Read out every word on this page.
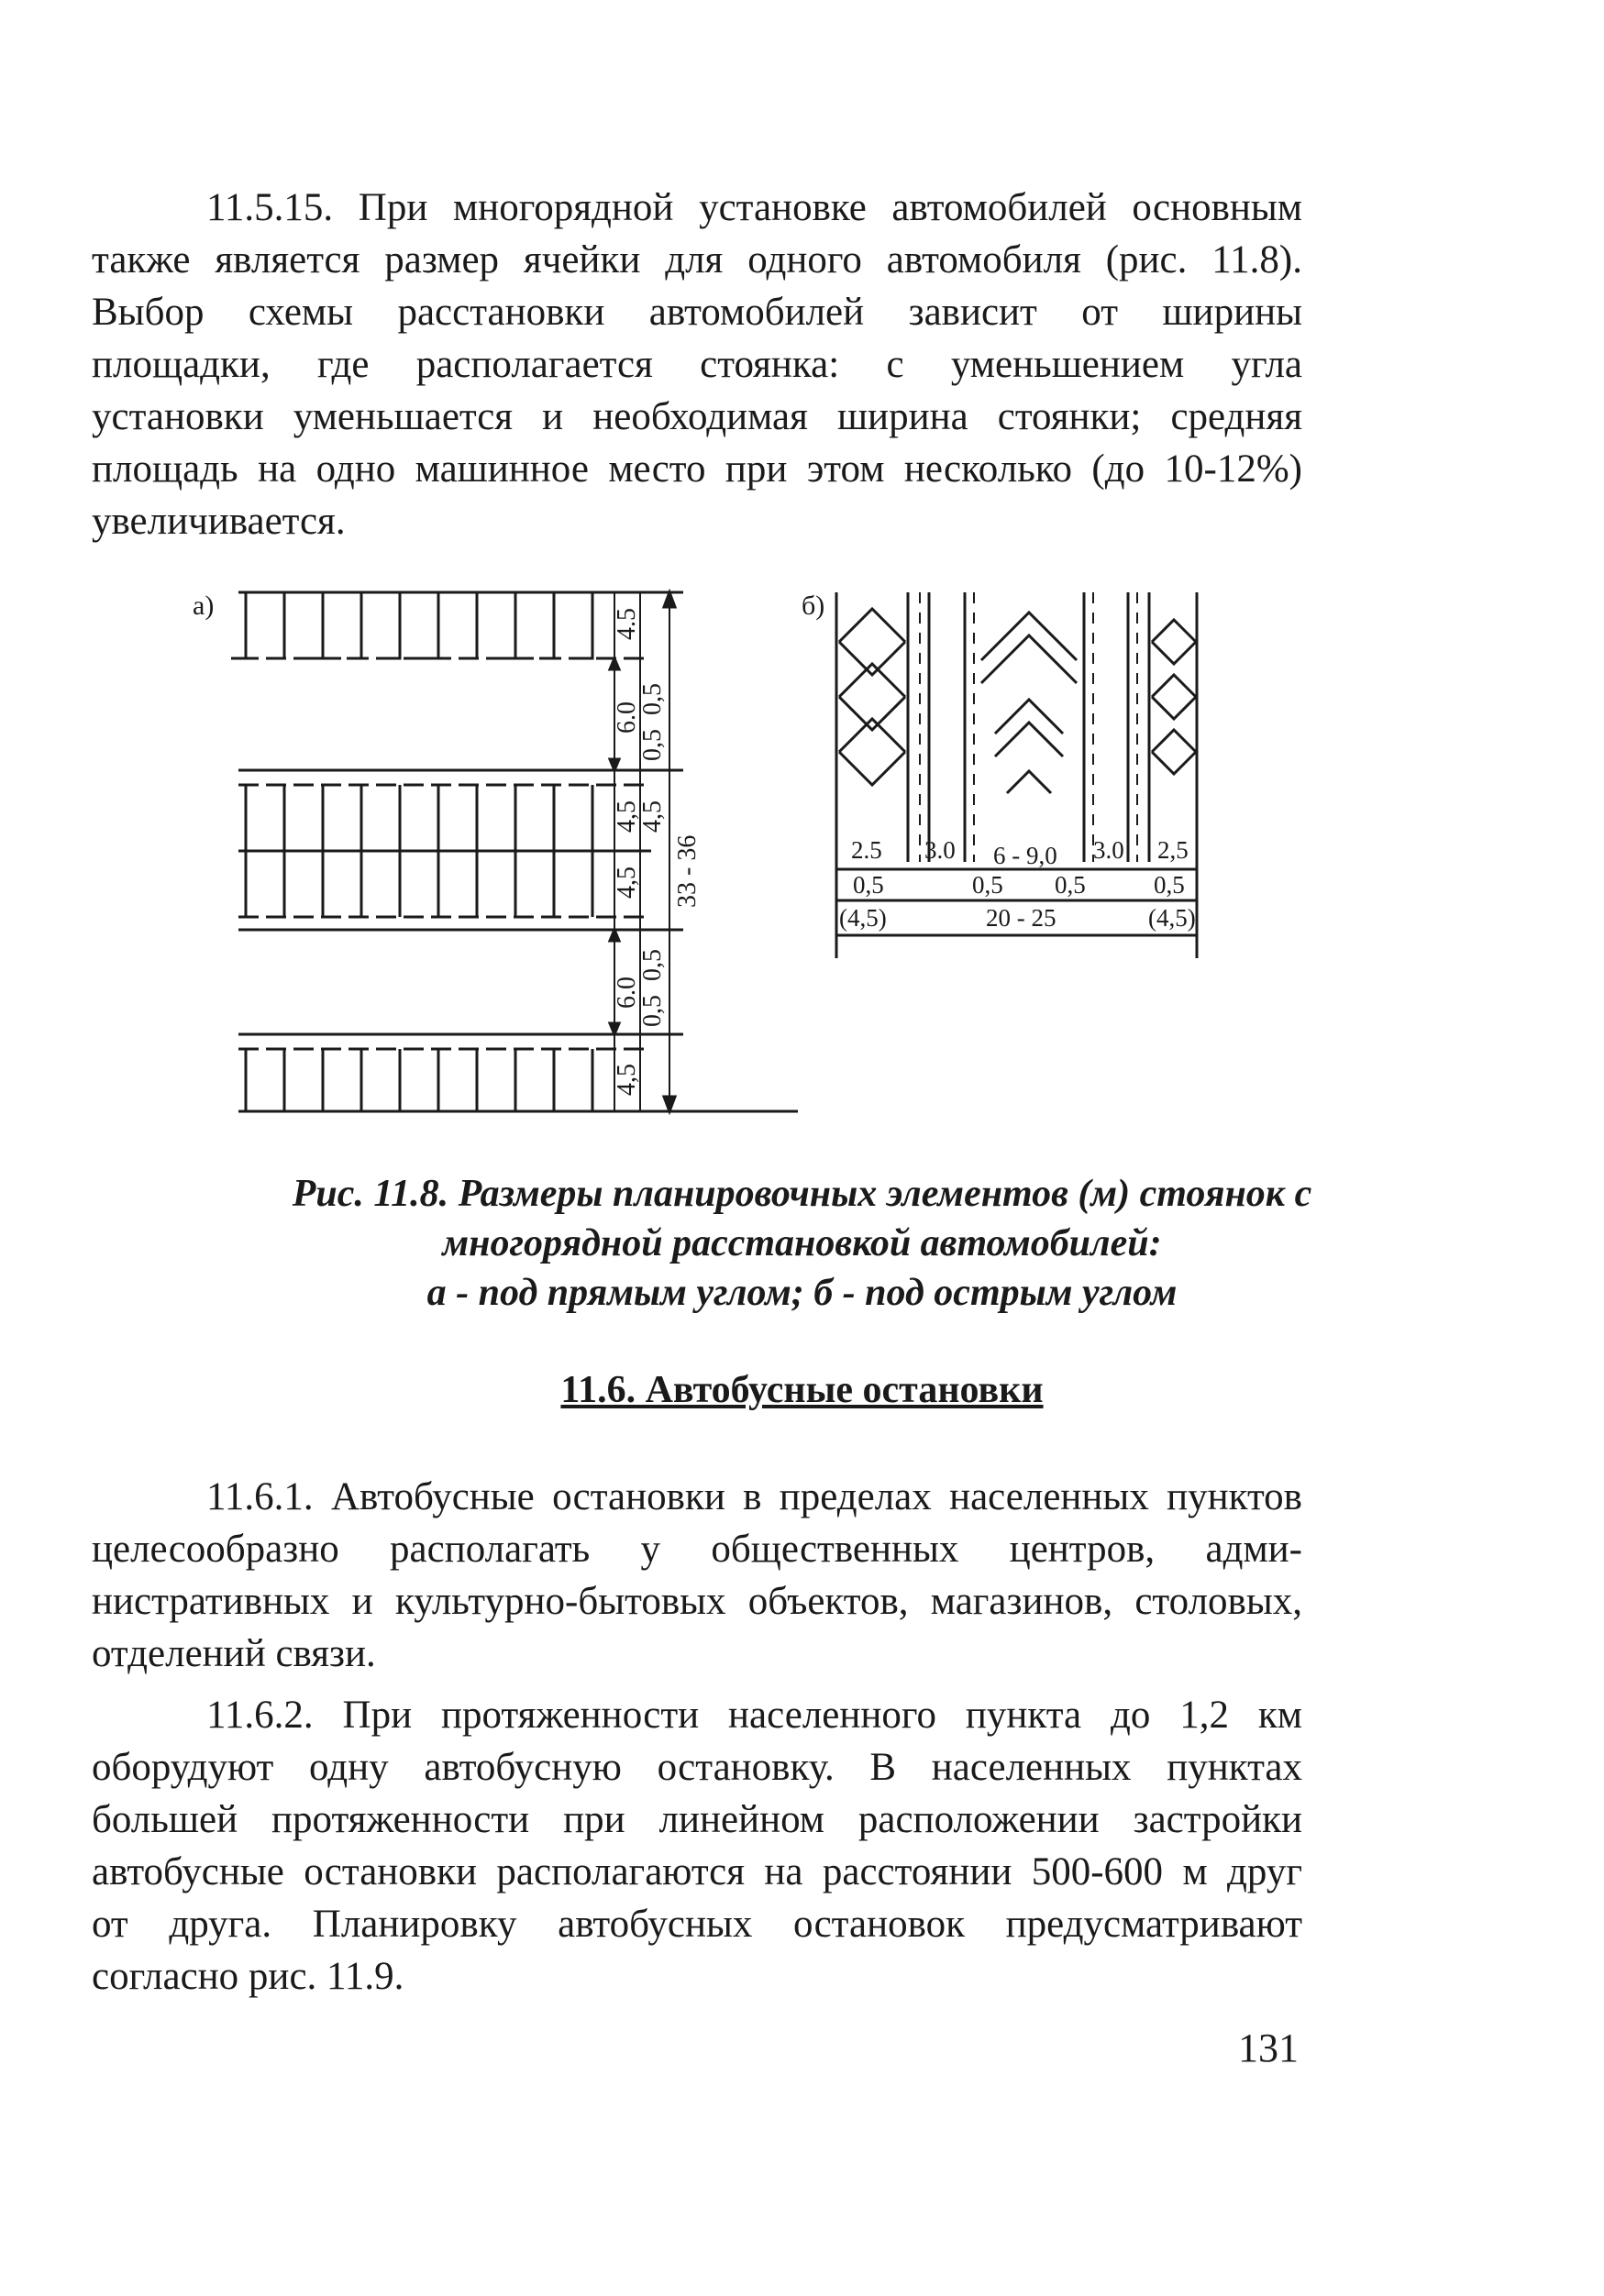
11.5.15. При многорядной установке автомобилей основным
также является размер ячейки для одного автомобиля (рис. 11.8).
Выбор схемы расстановки автомобилей зависит от ширины
площадки, где располагается стоянка: с уменьшением угла
установки уменьшается и необходимая ширина стоянки; средняя
площадь на одно машинное место при этом несколько (до 10-12%)
увеличивается.
а)
4.5
6.0
0,5
0,5
4,5
4,5
4,5 33 - 36
6.0
0,5
0,5
4,5
б)
2.5 3.0 6 - 9,0 3.0 2,5
0,5	0,5 0,5	0,5
(4,5)	20 - 25	(4,5)

Рис. 11.8. Размеры планировочных элементов (м) стоянок с

многорядной расстановкой автомобилей:

а - под прямым углом; б - под острым углом

11.6. Автобусные остановки
11.6.1. Автобусные остановки в пределах населенных пунктов
целесообразно располагать у общественных центров, адми-
нистративных и культурно-бытовых объектов, магазинов, столовых,
отделений связи.
11.6.2. При протяженности населенного пункта до 1,2 км
оборудуют одну автобусную остановку. В населенных пунктах
большей протяженности при линейном расположении застройки
автобусные остановки располагаются на расстоянии 500-600 м друг
от друга. Планировку автобусных остановок предусматривают
согласно рис. 11.9.

131
